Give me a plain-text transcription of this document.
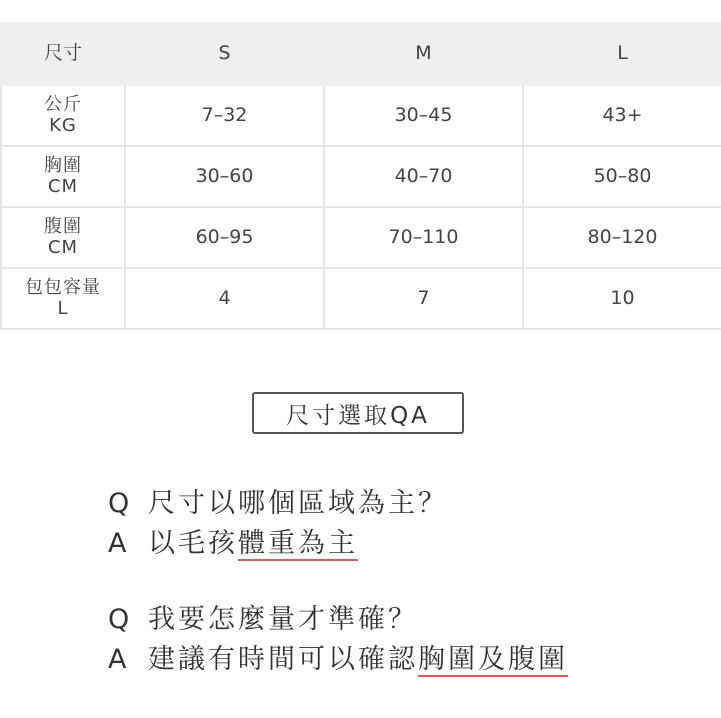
尺寸	S	M	L

公斤
KG	7–32	30–45	43+

胸圍
CM	30–60	40–70	50–80

腹圍
CM	60–95	70–110	80–120

包包容量
L	4	7	10
尺寸選取QA
Q 尺寸以哪個區域為主？
A 以毛孩 體重為主
Q 我要怎麼量才準確？
A 建議有時間可以確認 胸圍及腹圍
